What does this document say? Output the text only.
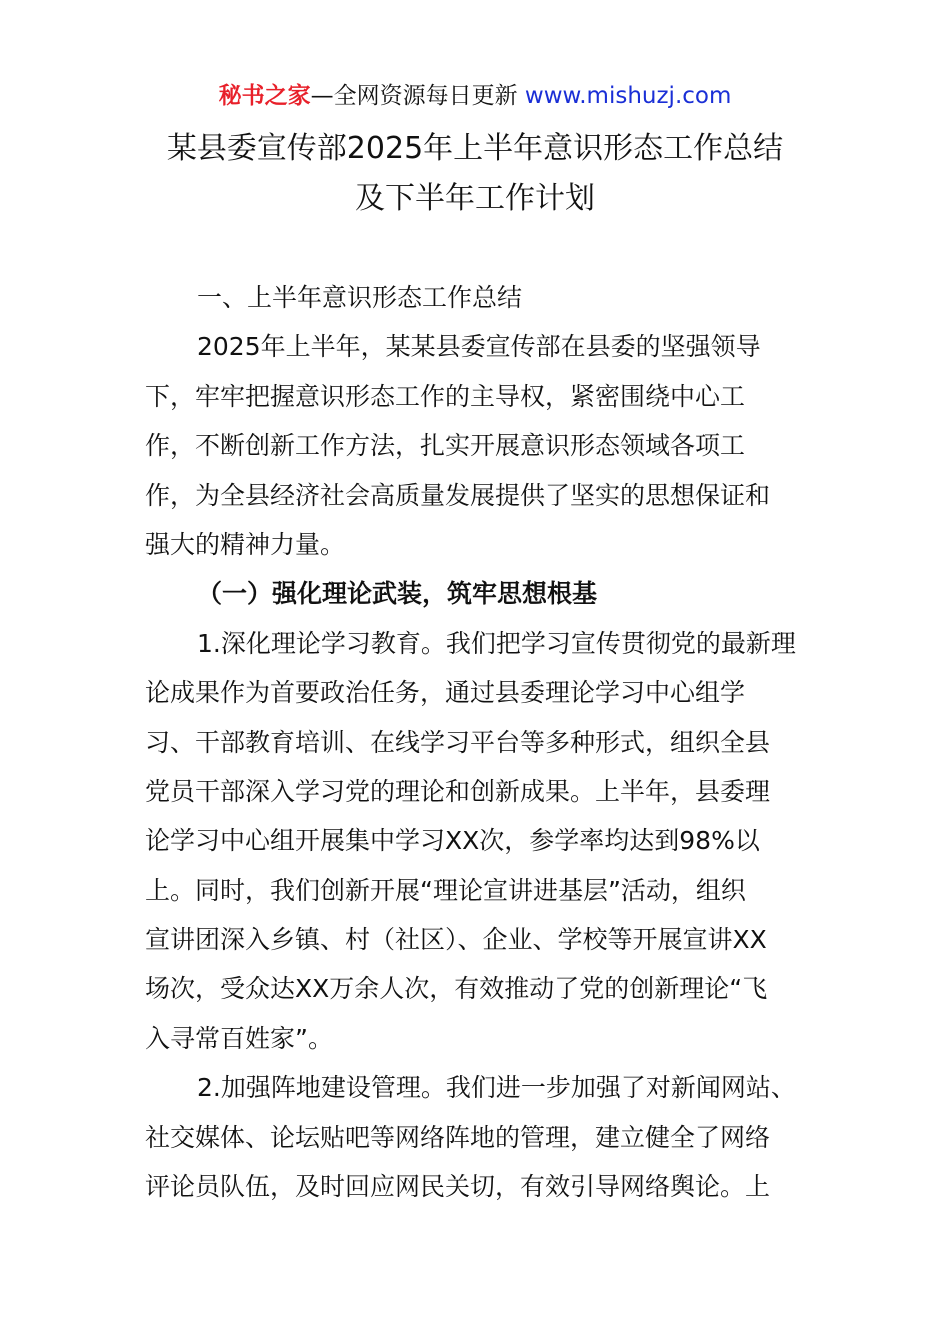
秘书之家—全网资源每日更新 www.mishuzj.com
某县委宣传部2025年上半年意识形态工作总结
及下半年工作计划
一、上半年意识形态工作总结
2025年上半年，某某县委宣传部在县委的坚强领导
下，牢牢把握意识形态工作的主导权，紧密围绕中心工
作，不断创新工作方法，扎实开展意识形态领域各项工
作，为全县经济社会高质量发展提供了坚实的思想保证和
强大的精神力量。
（一）强化理论武装，筑牢思想根基
1.深化理论学习教育。我们把学习宣传贯彻党的最新理
论成果作为首要政治任务，通过县委理论学习中心组学
习、干部教育培训、在线学习平台等多种形式，组织全县
党员干部深入学习党的理论和创新成果。上半年，县委理
论学习中心组开展集中学习XX次，参学率均达到98%以
上。同时，我们创新开展“理论宣讲进基层”活动，组织
宣讲团深入乡镇、村（社区）、企业、学校等开展宣讲XX
场次，受众达XX万余人次，有效推动了党的创新理论“飞
入寻常百姓家”。
2.加强阵地建设管理。我们进一步加强了对新闻网站、
社交媒体、论坛贴吧等网络阵地的管理，建立健全了网络
评论员队伍，及时回应网民关切，有效引导网络舆论。上
